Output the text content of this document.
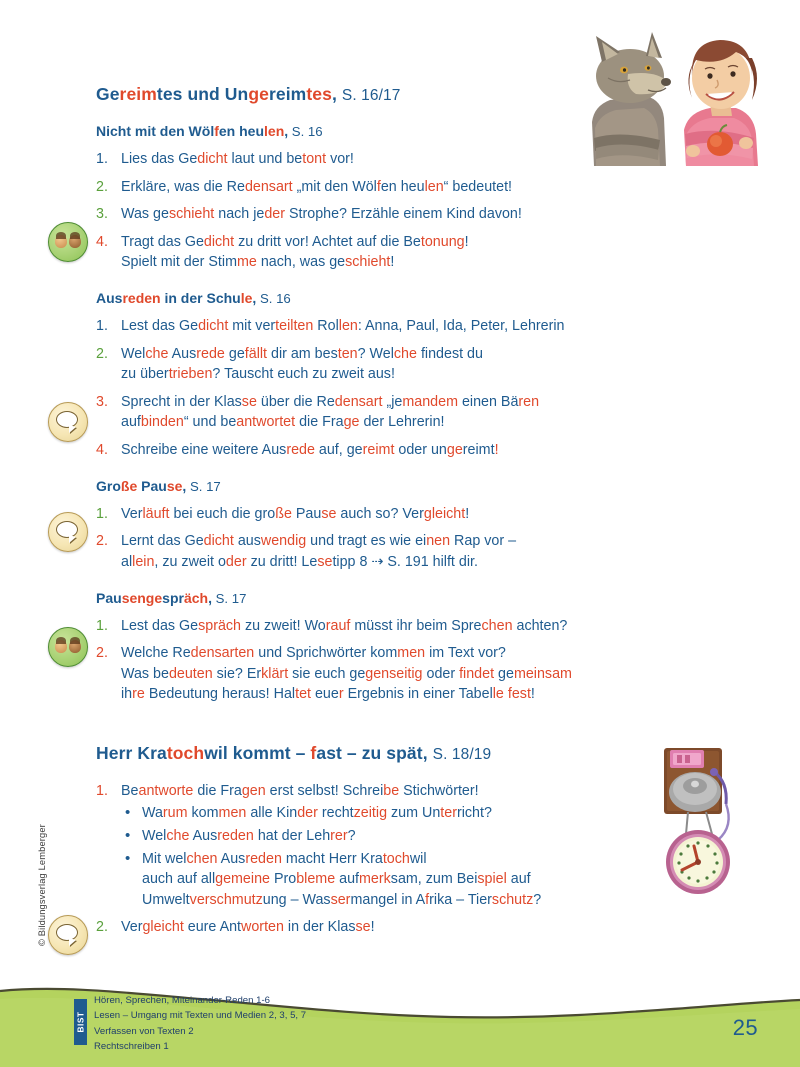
Gereimtes und Ungereimtes, S. 16/17
Nicht mit den Wölfen heulen, S. 16
1. Lies das Gedicht laut und betont vor!
2. Erkläre, was die Redensart „mit den Wölfen heulen“ bedeutet!
3. Was geschieht nach jeder Strophe? Erzähle einem Kind davon!
4. Tragt das Gedicht zu dritt vor! Achtet auf die Betonung!
Spielt mit der Stimme nach, was geschieht!
Ausreden in der Schule, S. 16
1. Lest das Gedicht mit verteilten Rollen: Anna, Paul, Ida, Peter, Lehrerin
2. Welche Ausrede gefällt dir am besten? Welche findest du
zu übertrieben? Tauscht euch zu zweit aus!
3. Sprecht in der Klasse über die Redensart „jemandem einen Bären
aufbinden“ und beantwortet die Frage der Lehrerin!
4. Schreibe eine weitere Ausrede auf, gereimt oder ungereimt!
Große Pause, S. 17
1. Verläuft bei euch die große Pause auch so? Vergleicht!
2. Lernt das Gedicht auswendig und tragt es wie einen Rap vor –
allein, zu zweit oder zu dritt! Lesetipp 8 ⇢ S. 191 hilft dir.
Pausengespräch, S. 17
1. Lest das Gespräch zu zweit! Worauf müsst ihr beim Sprechen achten?
2. Welche Redensarten und Sprichwörter kommen im Text vor?
Was bedeuten sie? Erklärt sie euch gegenseitig oder findet gemeinsam
ihre Bedeutung heraus! Haltet euer Ergebnis in einer Tabelle fest!
Herr Kratochwil kommt – fast – zu spät, S. 18/19
1. Beantworte die Fragen erst selbst! Schreibe Stichwörter!
• Warum kommen alle Kinder rechtzeitig zum Unterricht?
• Welche Ausreden hat der Lehrer?
• Mit welchen Ausreden macht Herr Kratochwil
auch auf allgemeine Probleme aufmerksam, zum Beispiel auf
Umweltverschmutzung – Wassermangel in Afrika – Tierschutz?
2. Vergleicht eure Antworten in der Klasse!
© Bildungsverlag Lemberger
BIST
Hören, Sprechen, Miteinander-Reden 1-6
Lesen – Umgang mit Texten und Medien 2, 3, 5, 7
Verfassen von Texten 2
Rechtschreiben 1
25
